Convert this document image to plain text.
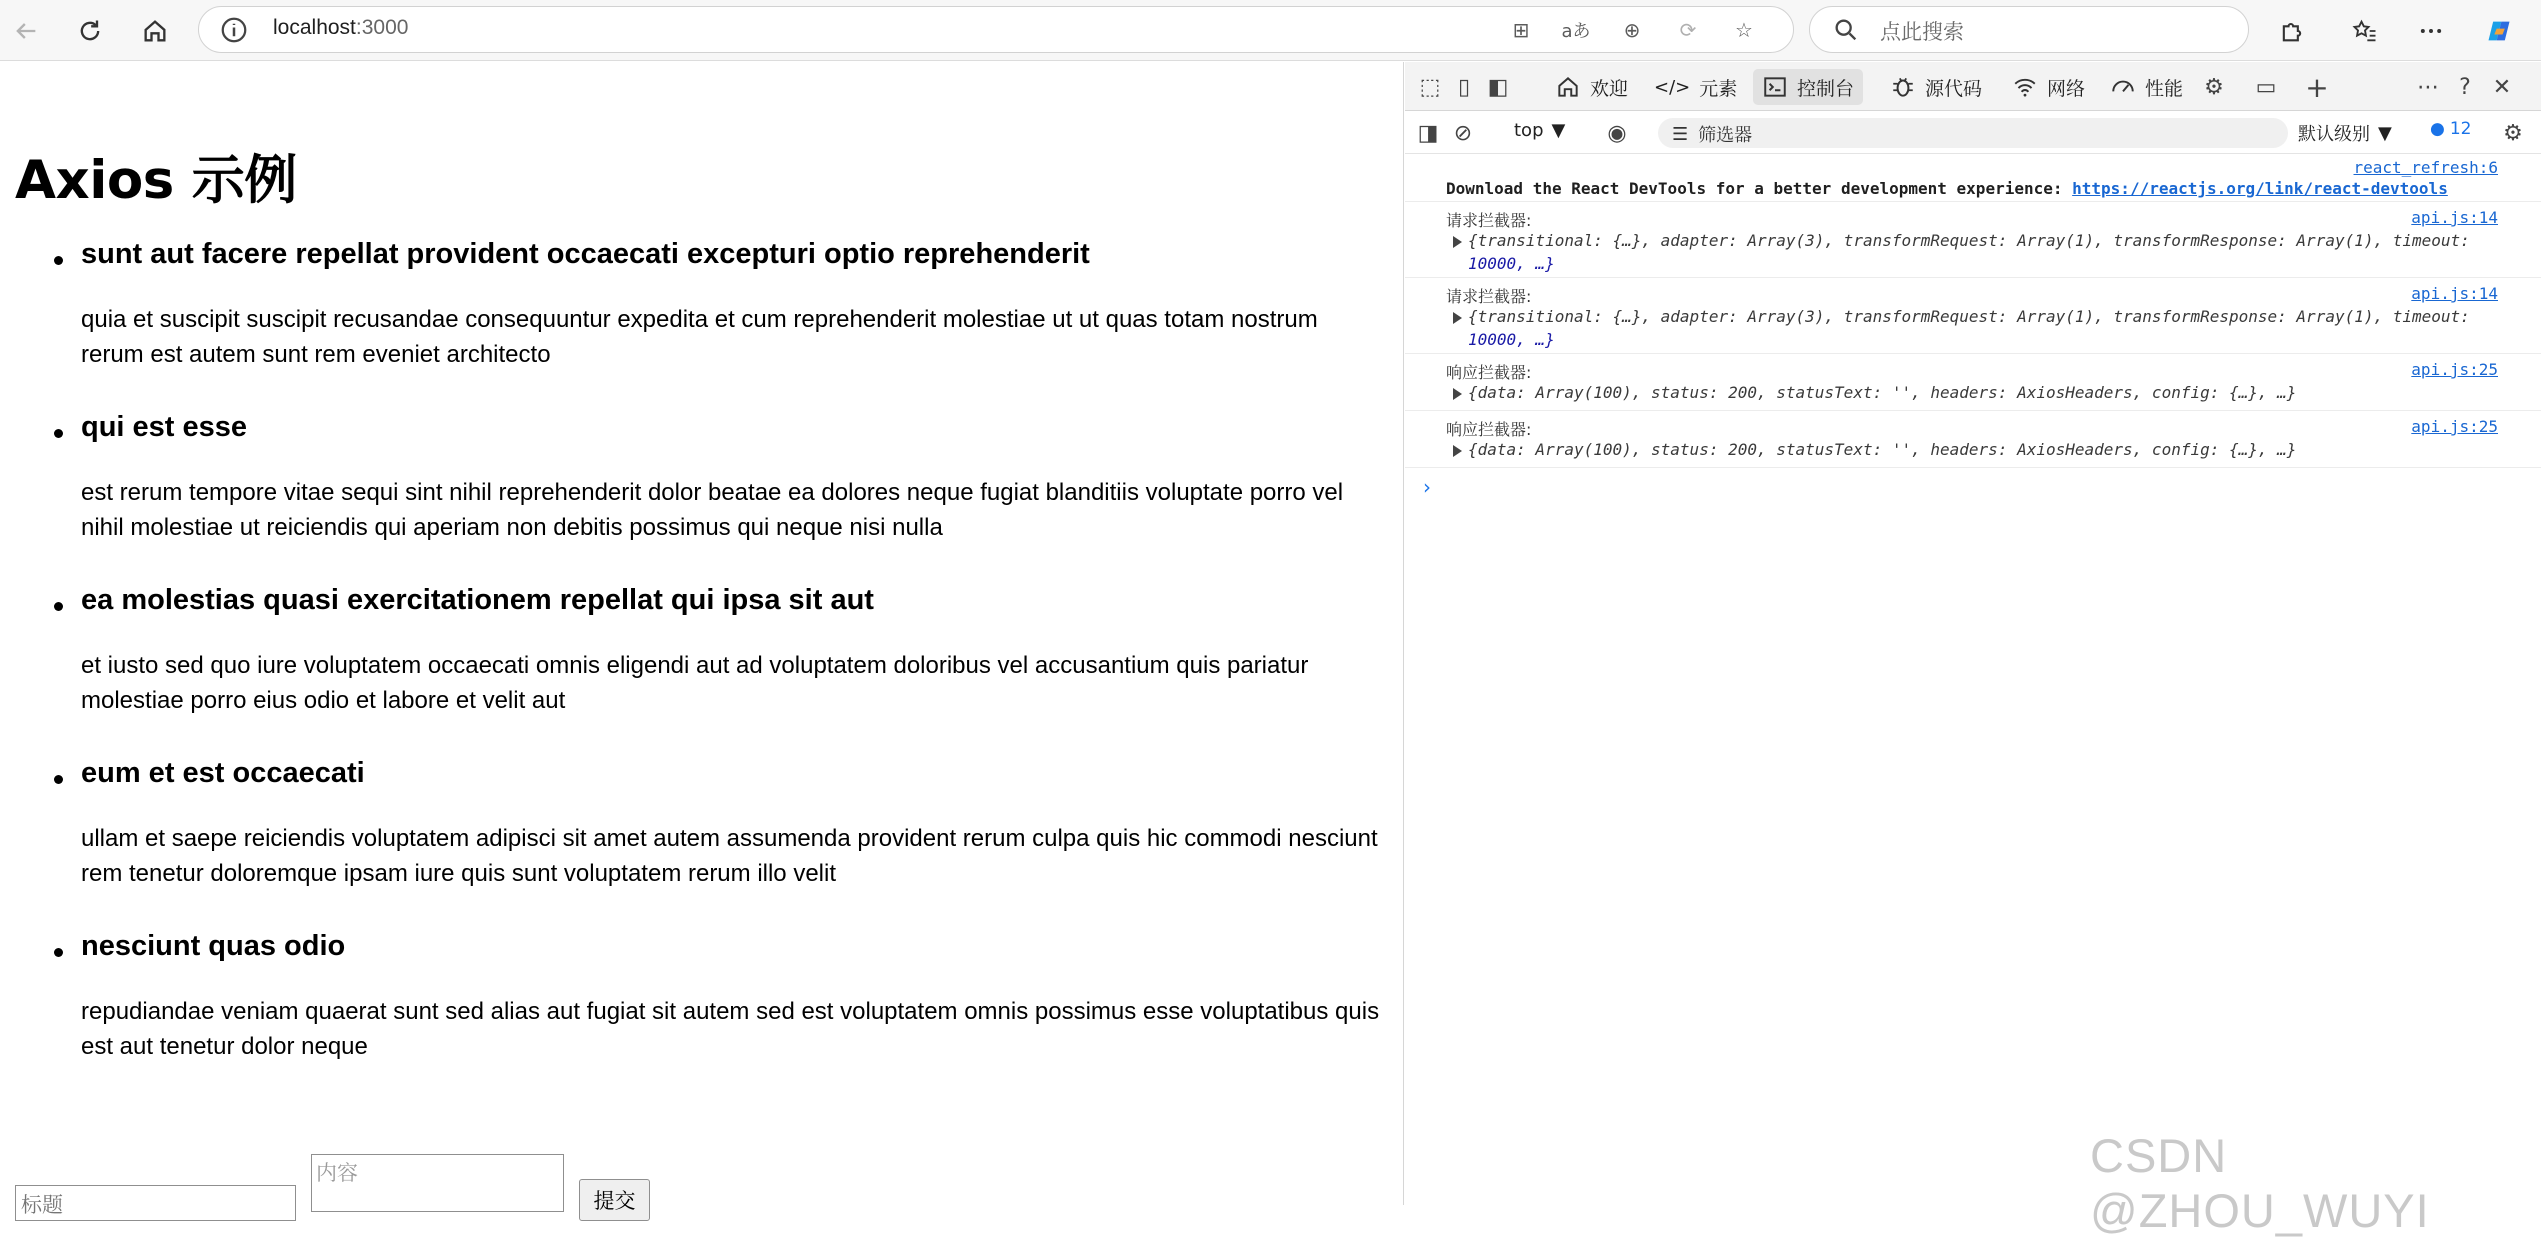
localhost:3000	⊞	aあ	⊕	⟳	☆	点此搜索
Axios 示例
sunt aut facere repellat provident occaecati excepturi optio reprehenderit

quia et suscipit suscipit recusandae consequuntur expedita et cum reprehenderit molestiae ut ut quas totam nostrum rerum est autem sunt rem eveniet architecto

qui est esse

est rerum tempore vitae sequi sint nihil reprehenderit dolor beatae ea dolores neque fugiat blanditiis voluptate porro vel nihil molestiae ut reiciendis qui aperiam non debitis possimus qui neque nisi nulla

ea molestias quasi exercitationem repellat qui ipsa sit aut

et iusto sed quo iure voluptatem occaecati omnis eligendi aut ad voluptatem doloribus vel accusantium quis pariatur molestiae porro eius odio et labore et velit aut

eum et est occaecati

ullam et saepe reiciendis voluptatem adipisci sit amet autem assumenda provident rerum culpa quis hic commodi nesciunt rem tenetur doloremque ipsam iure quis sunt voluptatem rerum illo velit

nesciunt quas odio

repudiandae veniam quaerat sunt sed alias aut fugiat sit autem sed est voluptatem omnis possimus esse voluptatibus quis est aut tenetur dolor neque

标题
内容
提交
⬚ ▯ ◧	欢迎 </> 元素	控制台	源代码	网络	性能 ⚙ ▭ +	⋯ ? ✕
◨ ⊘ top ▼ ◉	☰ 筛选器	默认级别 ▼ ● 12 ⚙
react_refresh:6
Download the React DevTools for a better development experience: https://reactjs.org/link/react-devtools
请求拦截器:	api.js:14
{transitional: {…}, adapter: Array(3), transformRequest: Array(1), transformResponse: Array(1), timeout:
10000, …}
请求拦截器:	api.js:14
{transitional: {…}, adapter: Array(3), transformRequest: Array(1), transformResponse: Array(1), timeout:
10000, …}
响应拦截器:	api.js:25
{data: Array(100), status: 200, statusText: '', headers: AxiosHeaders, config: {…}, …}
响应拦截器:	api.js:25
{data: Array(100), status: 200, statusText: '', headers: AxiosHeaders, config: {…}, …}
›
CSDN @ZHOU_WUYI
